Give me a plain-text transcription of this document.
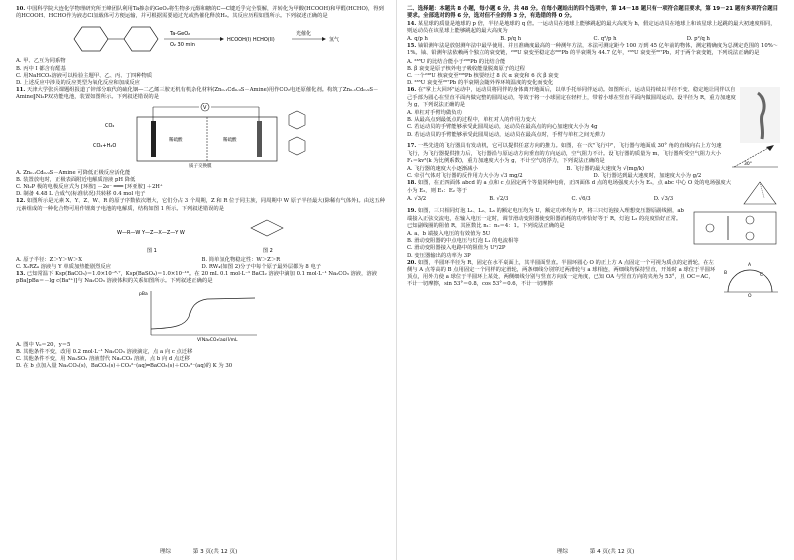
10. 中国科学院大连化学物理研究所王峰团队利用Ta掺杂的GeO₂将生物多元醇和糖的C—C键近乎完全裂解，并转化为甲酸(HCOOH)和甲醛(HCHO)，得到的HCOOH、HCHO作为液态Cl氢载体可方便运输，并可根据需要通过光或热催化释放H₂。其反应历程如图所示。下列叙述正确的是
Ta-GeO₂
O₂ 30 min
HCOOH(I) HCHO(II)
光催化
氢气
A. 甲、乙互为同系物
B. 丙中 I 都含有醛基
C. 用NaHCO₃溶液可以检验主题甲、乙、丙、丁四种物质
D. 上述反应中涉及的反应类型为氧化反应和加成反应
11. 天津大学张兵课题组报道了锌部分取代的硫化铟—二乙烯三胺无机有机杂化材料(Zn₀.₁Cd₀.₉S－Amine)用作CO₂电还原催化剂。构筑了Zn₀.₁Cd₀.₉S－Amine‖Ni₂P双功能电池，装置如图所示。下列叙述错误的是
V
CO₂
CO₂+H₂O
稀硫酸	稀硫酸
质子交换膜
A. Zn₀.₁Cd₀.₉S－Amine 可降低正极反应活化能
B. 装置放电时，正极表面附近电解质溶液 pH 降低
C. Ni₂P 极的电极反应式为 [环胺] －2e⁻ ═══ [环亚胺] ＋2H⁺
D. 制备 4.48 L 合成气(标准状况)共转移 0.4 mol 电子
12. 如图所示是元素 X、Y、Z、W、R 的原子序数依次增大，它们分占 3 个周期，Z 和 R 位于同主族，同周期中 W 原子半径最大(除稀有气体外)。由这五种元素组成的一种化合物可用作锂离子电池的电解质，结构如图 1 所示。下列叙述错误的是
W—R—W Y—Z—X—Z—Y W
图 1	图 2
A. 原子半径：Z＞Y＞W＞X	B. 简单氢化物稳定性：W＞Z＞R
C. X₂RZ₄ 溶液与 Y 单质加热能剧烈反应	D. RW₄(如图 2)分子中每个原子最外层都为 8 电子
13. 已知常温下 Ksp(BaCO₃)＝1.0×10⁻⁸·⁷，Ksp(BaSO₄)＝1.0×10⁻¹⁰。在 20 mL 0.1 mol·L⁻¹ BaCl₂ 溶液中滴加 0.1 mol·L⁻¹ Na₂CO₃ 溶液，溶液 pBa[pBa＝－lg c(Ba²⁺)]与 Na₂CO₃ 溶液体积的关系如图所示。下列叙述正确的是
pBa
V[Na₂CO₃(aq)]/mL
A. 图中 V₀＝20，y＝5
B. 其他条件不变，改用 0.2 mol·L⁻¹ Na₂CO₃ 溶液滴定，点 a 向 c 点迁移
C. 其他条件不变，用 Na₂SO₃ 溶液替代 Na₂CO₃ 溶液，点 b 向 d 点迁移
D. 在 b 点加入量 Na₂CO₃(s)，BaCO₃(s)＋CO₃²⁻(aq)═BaCO₃(s)＋CO₃²⁻(aq)的 K 为 30
理综	第 3 页(共 12 页)
二、选择题：本题共 8 小题，每小题 6 分，共 48 分。在每小题给出的四个选项中，第 14－18 题只有一项符合题目要求，第 19－21 题有多项符合题目要求。全部选对的得 6 分，选对但不全的得 3 分，有选错的得 0 分。
14. 某星球的质量是地球的 p 倍，半径是地球的 q 倍。一运动员在地球上能够跳起的最大高度为 h，假定运动员在地球上和该星球上起跳的最大初速度相同，则运动员在该星球上能够跳起的最大高度为
A. q/p h	B. p/q h	C. q²/p h	D. p²/q h
15. 铀铅测年法是放射测年法中最早使用、并且准确度最高的一种测年方法，本法可测定距今 100 万到 45 亿年前的物体，测定精确度为总测定范围的 10%～1%。铀、铅测年法依赖两个独立的衰变链，²³⁸U 衰变至稳定态²⁰⁶Pb 的半衰期为 44.7 亿年，²³⁵U 衰变至²⁰⁷Pb，对于两个衰变链，下列说法正确的是
A. ²³⁸U 的比结合能小于²⁰⁶Pb 的比结合能
B. β 衰变是原子核外电子吸收能量脱离原子的过程
C. 一个²³⁸U 核衰变至²⁰⁶Pb 核要经过 8 次 α 衰变和 6 次 β 衰变
D. ²³⁵U 衰变至²⁰⁷Pb 的半衰期会随外界环境温度的变化而变化
16. 在"掌上大回环"运动中，运动员将同伴的身体离开地面后，以单手托举同伴运动。如图所示，运动员持续以半径不变、稳定地让同伴以自己手部为圆心在竖直平面内做完整的圆周运动，等效于将一小球固定在轻杆上，带着小球在竖直平面内做圆周运动。设半径为 R，重力加速度为 g，下列说法正确的是
A. 单杠对手臂均做负功
B. 从最高点到最低点的过程中，单杠对人的作用力变大
C. 若运动员的手臂能够承受此圆周运动，运动员在最高点的向心加速度大小为 4g
D. 若运动员的手臂能够承受此圆周运动，运动员在最高点时，手臂与单杠之间无弹力
30°
17. 一些先进的飞行器具有发动机，它可以提供任意方向的推力。如图，在一次"飞行中"，飞行器与地面成 30° 角的直线向右上方匀速飞行，为飞行器提供推力后，飞行器沿与原运动方向垂直的方向运动，空气阻力不计。设飞行器的质量为 m，飞行器所受空气阻力大小 F₁＝kv²(k 为比例系数)，重力加速度大小为 g，不计空气的浮力，下列说法正确的是
A. 飞行器的速度大小逐渐减小	B. 飞行器的最大速度为 √(mg/k)
C. 牵引气体对飞行器的反作用力大小为 √3 mg/2	D. 飞行器达到最大速度时，加速度大小为 g/2
18. 如图，在正四面体 abcd 的 a 点和 c 点固定两个等量同种电荷，正四面体 d 点的电场强度大小为 E₁，点 abc 中心 O 处的电场强度大小为 E₂，则 E₁：E₂ 等于
A. √3/2	B. √2/3	C. √6/3	D. √3/3
19. 如图，三只相同灯泡 L₁、L₂、L₃ 的额定电压均为 U，额定功率均为 P，将三只灯泡接入理想变压器原副线圈，ab 端接入正弦交流电，在输入电压一定时，调节滑动变阻器使变阻器消耗的功率恰好等于 R，灯泡 L₃ 的亮度恰好正常。已知副线圈的阻值 R，其匝数比 n₁：n₂＝4：1。下列说法正确的是
A. a、b 端接入电压的有效值为 5U
B. 滑动变阻器的中点电压与灯泡 L₁ 的电流相等
C. 滑动变阻器接入电路中的阻值为 U²/2P
D. 变压器输出的功率为 3P
A
B	C
O
20. 如图，半圆环半径为 R，固定在水平桌面上，其半圆面竖直。半圆环圆心 O 的正上方 A 点固定一个可视为质点的定滑轮，在左侧与 A 点等高的 B 点用固定一个同样的定滑轮，两条细线分别穿过两滑轮与 a 球相连，两细线均保持竖直，开始时 a 球位于半圆环顶点，用外力使 a 球位于半圆环上某处，两侧细线分别与竖直方向成一定角度，已知 OA 与竖直方向的夹角为 53°，且 OC＝AC，不计一切摩擦，sin 53°＝0.8，cos 53°＝0.6，不计一切摩擦
理综	第 4 页(共 12 页)
